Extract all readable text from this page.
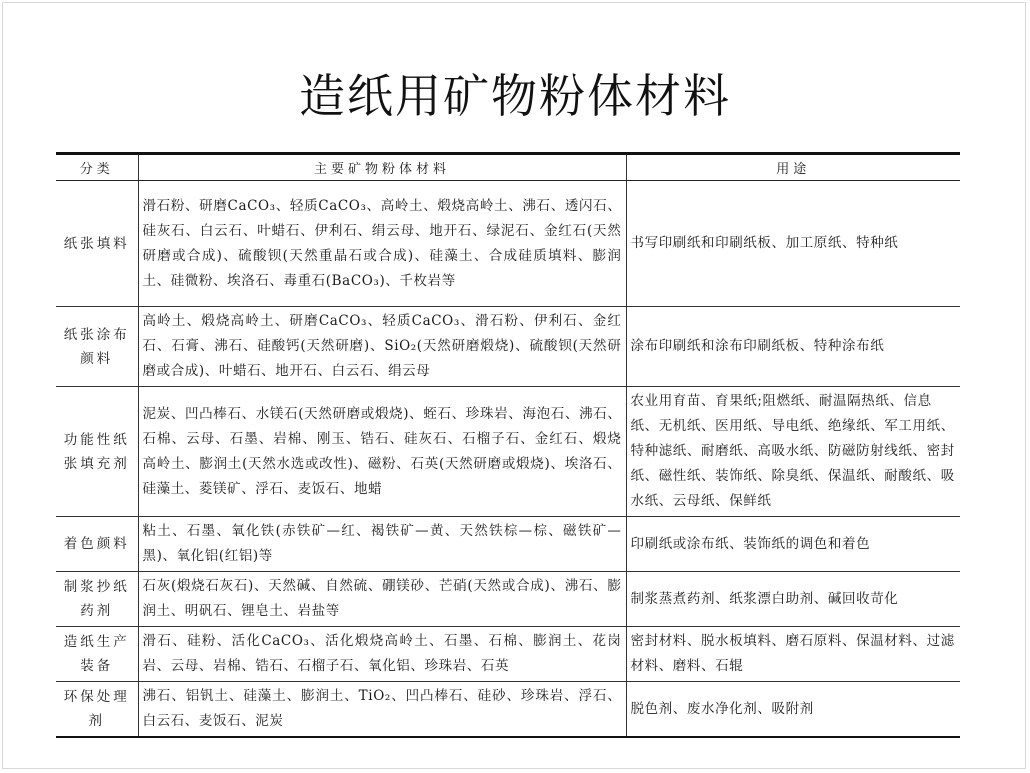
造纸用矿物粉体材料
分类	主要矿物粉体材料	用途
纸张填料	滑石粉、研磨CaCO₃、轻质CaCO₃、高岭土、煅烧高岭土、沸石、透闪石、硅灰石、白云石、叶蜡石、伊利石、绢云母、地开石、绿泥石、金红石(天然研磨或合成)、硫酸钡(天然重晶石或合成)、硅藻土、合成硅质填料、膨润土、硅微粉、埃洛石、毒重石(BaCO₃)、千枚岩等	书写印刷纸和印刷纸板、加工原纸、特种纸
纸张涂布颜料	高岭土、煅烧高岭土、研磨CaCO₃、轻质CaCO₃、滑石粉、伊利石、金红石、石膏、沸石、硅酸钙(天然研磨)、SiO₂(天然研磨煅烧)、硫酸钡(天然研磨或合成)、叶蜡石、地开石、白云石、绢云母	涂布印刷纸和涂布印刷纸板、特种涂布纸
功能性纸张填充剂	泥炭、凹凸棒石、水镁石(天然研磨或煅烧)、蛭石、珍珠岩、海泡石、沸石、石棉、云母、石墨、岩棉、刚玉、锆石、硅灰石、石榴子石、金红石、煅烧高岭土、膨润土(天然水选或改性)、磁粉、石英(天然研磨或煅烧)、埃洛石、硅藻土、菱镁矿、浮石、麦饭石、地蜡	农业用育苗、育果纸;阻燃纸、耐温隔热纸、信息纸、无机纸、医用纸、导电纸、绝缘纸、军工用纸、特种滤纸、耐磨纸、高吸水纸、防磁防射线纸、密封纸、磁性纸、装饰纸、除臭纸、保温纸、耐酸纸、吸水纸、云母纸、保鲜纸
着色颜料	粘土、石墨、氧化铁(赤铁矿—红、褐铁矿—黄、天然铁棕—棕、磁铁矿—黑)、氧化铝(红铝)等	印刷纸或涂布纸、装饰纸的调色和着色
制浆抄纸药剂	石灰(煅烧石灰石)、天然碱、自然硫、硼镁砂、芒硝(天然或合成)、沸石、膨润土、明矾石、锂皂土、岩盐等	制浆蒸煮药剂、纸浆漂白助剂、碱回收苛化
造纸生产装备	滑石、硅粉、活化CaCO₃、活化煅烧高岭土、石墨、石棉、膨润土、花岗岩、云母、岩棉、锆石、石榴子石、氧化铝、珍珠岩、石英	密封材料、脱水板填料、磨石原料、保温材料、过滤材料、磨料、石辊
环保处理剂	沸石、铝钒土、硅藻土、膨润土、TiO₂、凹凸棒石、硅砂、珍珠岩、浮石、白云石、麦饭石、泥炭	脱色剂、废水净化剂、吸附剂
